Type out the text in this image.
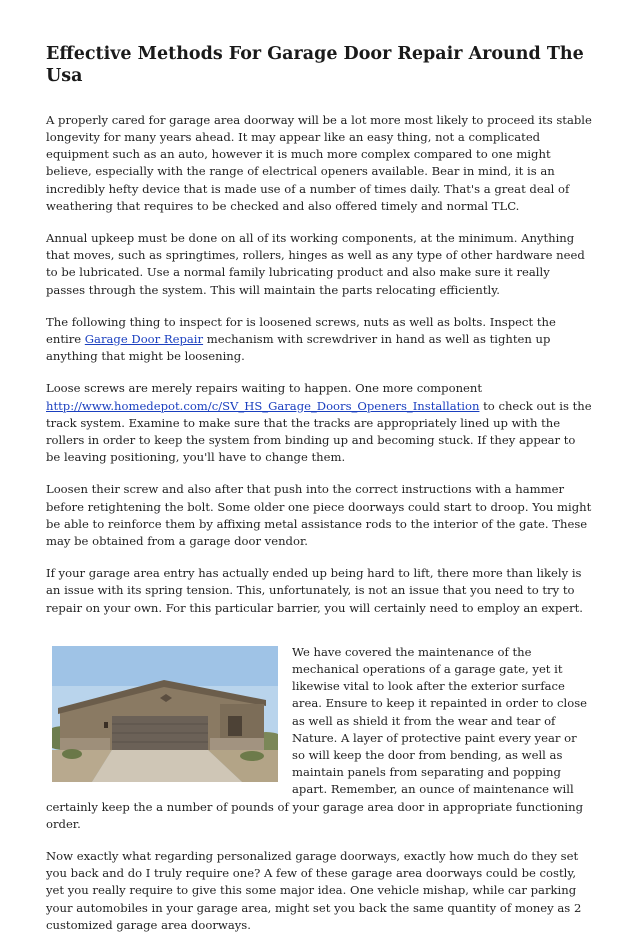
Effective Methods For Garage Door Repair Around The Usa

A properly cared for garage area doorway will be a lot more most likely to proceed its stable longevity for many years ahead. It may appear like an easy thing, not a complicated equipment such as an auto, however it is much more complex compared to one might believe, especially with the range of electrical openers available. Bear in mind, it is an incredibly hefty device that is made use of a number of times daily. That's a great deal of weathering that requires to be checked and also offered timely and normal TLC.

Annual upkeep must be done on all of its working components, at the minimum. Anything that moves, such as springtimes, rollers, hinges as well as any type of other hardware need to be lubricated. Use a normal family lubricating product and also make sure it really passes through the system. This will maintain the parts relocating efficiently.

The following thing to inspect for is loosened screws, nuts as well as bolts. Inspect the entire Garage Door Repair mechanism with screwdriver in hand as well as tighten up anything that might be loosening.

Loose screws are merely repairs waiting to happen. One more component http://www.homedepot.com/c/SV_HS_Garage_Doors_Openers_Installation to check out is the track system. Examine to make sure that the tracks are appropriately lined up with the rollers in order to keep the system from binding up and becoming stuck. If they appear to be leaving positioning, you'll have to change them.

Loosen their screw and also after that push into the correct instructions with a hammer before retightening the bolt. Some older one piece doorways could start to droop. You might be able to reinforce them by affixing metal assistance rods to the interior of the gate. These may be obtained from a garage door vendor.

If your garage area entry has actually ended up being hard to lift, there more than likely is an issue with its spring tension. This, unfortunately, is not an issue that you need to try to repair on your own. For this particular barrier, you will certainly need to employ an expert.

We have covered the maintenance of the mechanical operations of a garage gate, yet it likewise vital to look after the exterior surface area. Ensure to keep it repainted in order to close as well as shield it from the wear and tear of Nature. A layer of protective paint every year or so will keep the door from bending, as well as maintain panels from separating and popping apart. Remember, an ounce of maintenance will certainly keep the a number of pounds of your garage area door in appropriate functioning order.

Now exactly what regarding personalized garage doorways, exactly how much do they set you back and do I truly require one? A few of these garage area doorways could be costly, yet you really require to give this some major idea. One vehicle mishap, while car parking your automobiles in your garage area, might set you back the same quantity of money as 2 customized garage area doorways.
